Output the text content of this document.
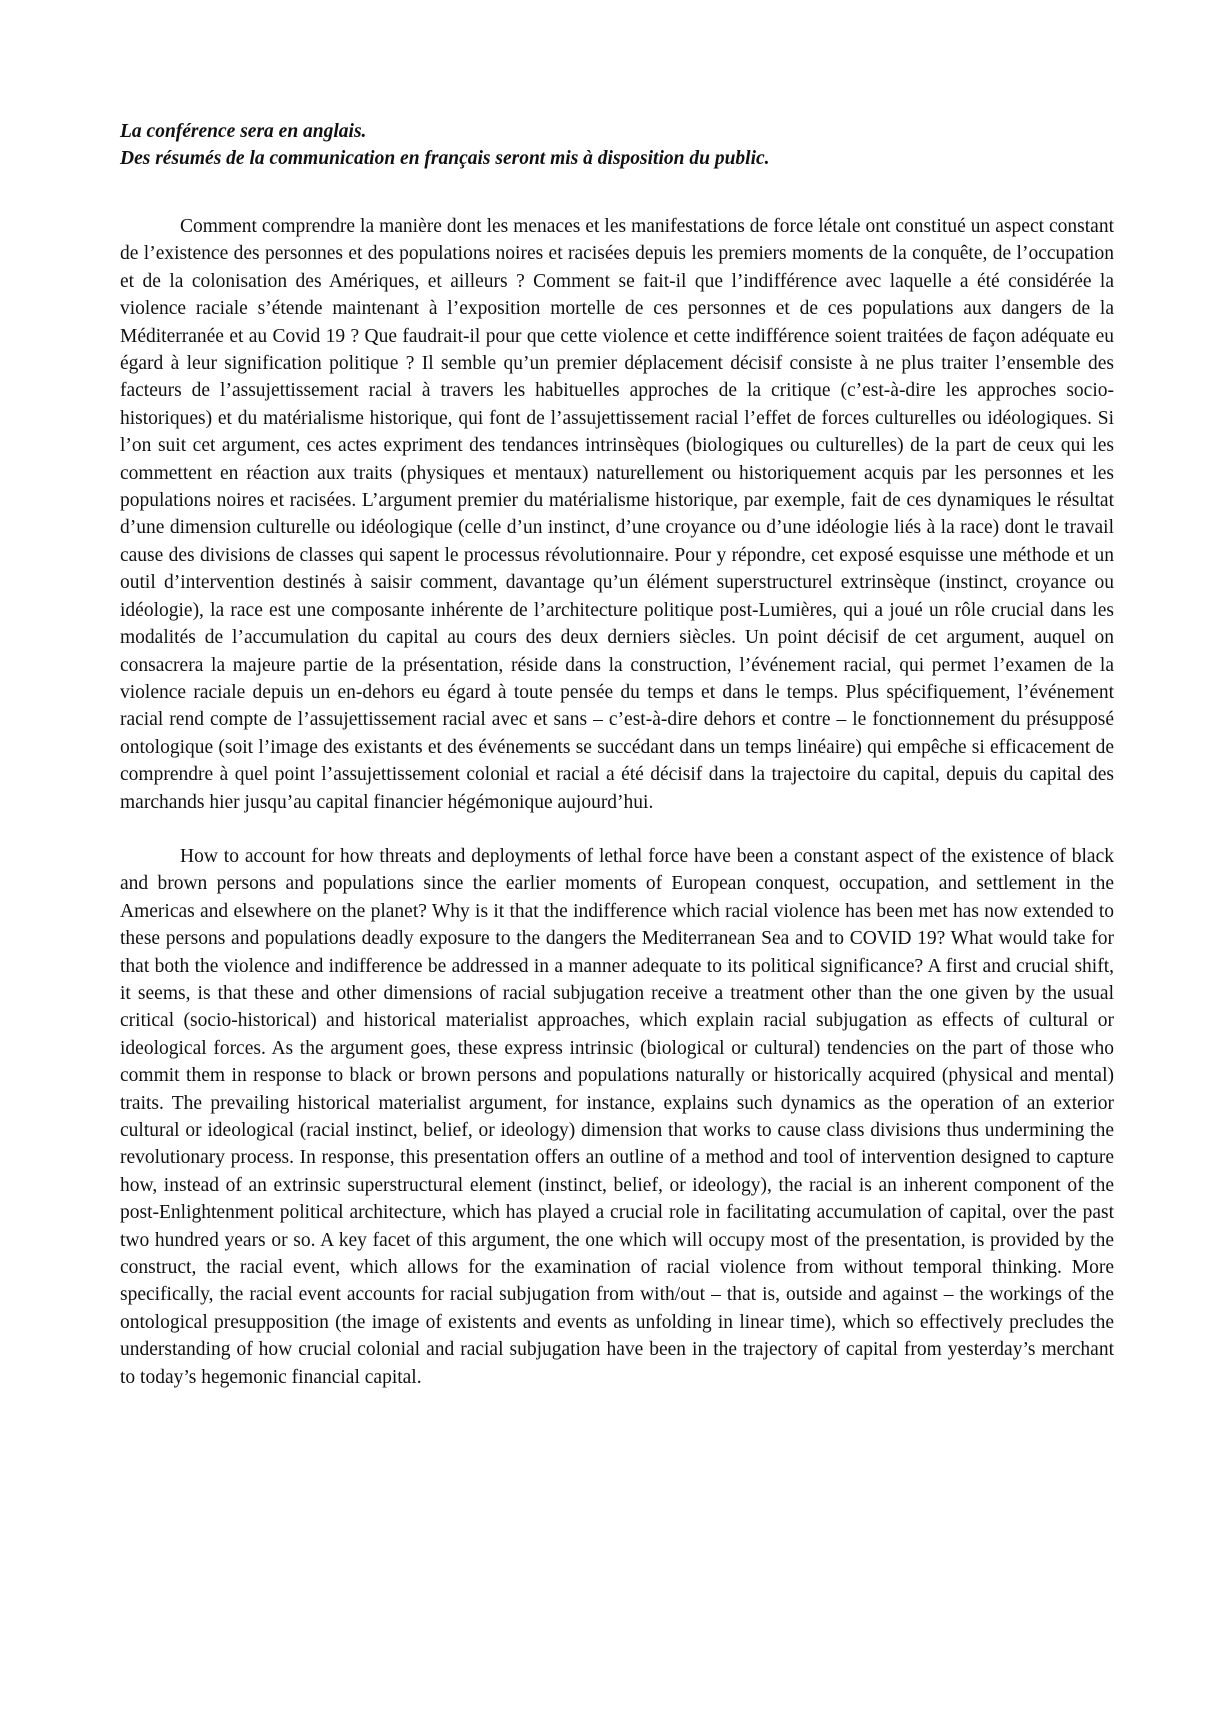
La conférence sera en anglais.
Des résumés de la communication en français seront mis à disposition du public.

Comment comprendre la manière dont les menaces et les manifestations de force létale ont constitué un aspect constant de l’existence des personnes et des populations noires et racisées depuis les premiers moments de la conquête, de l’occupation et de la colonisation des Amériques, et ailleurs ? Comment se fait-il que l’indifférence avec laquelle a été considérée la violence raciale s’étende maintenant à l’exposition mortelle de ces personnes et de ces populations aux dangers de la Méditerranée et au Covid 19 ? Que faudrait-il pour que cette violence et cette indifférence soient traitées de façon adéquate eu égard à leur signification politique ? Il semble qu’un premier déplacement décisif consiste à ne plus traiter l’ensemble des facteurs de l’assujettissement racial à travers les habituelles approches de la critique (c’est-à-dire les approches socio-historiques) et du matérialisme historique, qui font de l’assujettissement racial l’effet de forces culturelles ou idéologiques. Si l’on suit cet argument, ces actes expriment des tendances intrinsèques (biologiques ou culturelles) de la part de ceux qui les commettent en réaction aux traits (physiques et mentaux) naturellement ou historiquement acquis par les personnes et les populations noires et racisées. L’argument premier du matérialisme historique, par exemple, fait de ces dynamiques le résultat d’une dimension culturelle ou idéologique (celle d’un instinct, d’une croyance ou d’une idéologie liés à la race) dont le travail cause des divisions de classes qui sapent le processus révolutionnaire. Pour y répondre, cet exposé esquisse une méthode et un outil d’intervention destinés à saisir comment, davantage qu’un élément superstructurel extrinsèque (instinct, croyance ou idéologie), la race est une composante inhérente de l’architecture politique post-Lumières, qui a joué un rôle crucial dans les modalités de l’accumulation du capital au cours des deux derniers siècles. Un point décisif de cet argument, auquel on consacrera la majeure partie de la présentation, réside dans la construction, l’événement racial, qui permet l’examen de la violence raciale depuis un en-dehors eu égard à toute pensée du temps et dans le temps. Plus spécifiquement, l’événement racial rend compte de l’assujettissement racial avec et sans – c’est-à-dire dehors et contre – le fonctionnement du présupposé ontologique (soit l’image des existants et des événements se succédant dans un temps linéaire) qui empêche si efficacement de comprendre à quel point l’assujettissement colonial et racial a été décisif dans la trajectoire du capital, depuis du capital des marchands hier jusqu’au capital financier hégémonique aujourd’hui.

How to account for how threats and deployments of lethal force have been a constant aspect of the existence of black and brown persons and populations since the earlier moments of European conquest, occupation, and settlement in the Americas and elsewhere on the planet? Why is it that the indifference which racial violence has been met has now extended to these persons and populations deadly exposure to the dangers the Mediterranean Sea and to COVID 19? What would take for that both the violence and indifference be addressed in a manner adequate to its political significance? A first and crucial shift, it seems, is that these and other dimensions of racial subjugation receive a treatment other than the one given by the usual critical (socio-historical) and historical materialist approaches, which explain racial subjugation as effects of cultural or ideological forces. As the argument goes, these express intrinsic (biological or cultural) tendencies on the part of those who commit them in response to black or brown persons and populations naturally or historically acquired (physical and mental) traits. The prevailing historical materialist argument, for instance, explains such dynamics as the operation of an exterior cultural or ideological (racial instinct, belief, or ideology) dimension that works to cause class divisions thus undermining the revolutionary process. In response, this presentation offers an outline of a method and tool of intervention designed to capture how, instead of an extrinsic superstructural element (instinct, belief, or ideology), the racial is an inherent component of the post-Enlightenment political architecture, which has played a crucial role in facilitating accumulation of capital, over the past two hundred years or so. A key facet of this argument, the one which will occupy most of the presentation, is provided by the construct, the racial event, which allows for the examination of racial violence from without temporal thinking. More specifically, the racial event accounts for racial subjugation from with/out – that is, outside and against – the workings of the ontological presupposition (the image of existents and events as unfolding in linear time), which so effectively precludes the understanding of how crucial colonial and racial subjugation have been in the trajectory of capital from yesterday’s merchant to today’s hegemonic financial capital.
